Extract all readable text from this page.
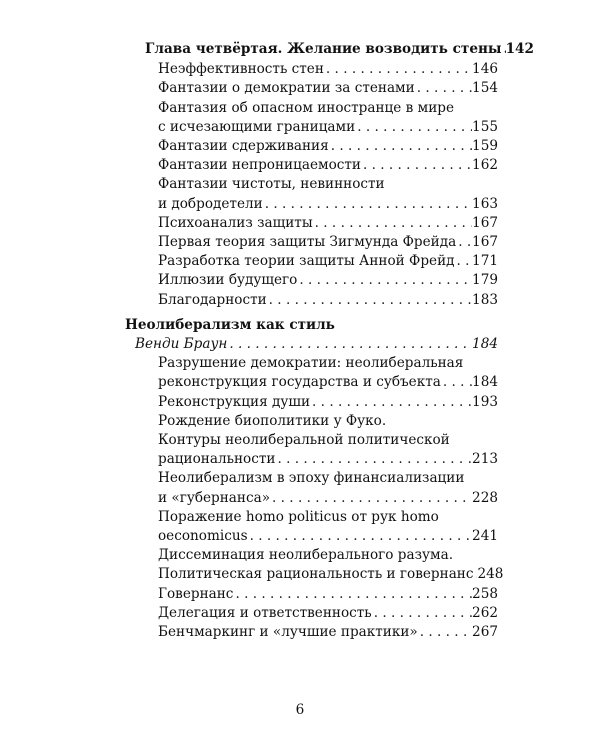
Глава четвёртая. Желание возводить стены ..... 142
Неэффективность стен . . .	146
Фантазии о демократии за стенами . . .	154
Фантазия об опасном иностранце в мире
с исчезающими границами . . .	155
Фантазии сдерживания . . .	159
Фантазии непроницаемости . . .	162
Фантазии чистоты, невинности
и добродетели . . .	163
Психоанализ защиты . . .	167
Первая теория защиты Зигмунда Фрейда . . . 167
Разработка теории защиты Анной Фрейд . . . 171
Иллюзии будущего . . .	179
Благодарности . . .	183
Неолиберализм как стиль
Венди Браун . . .	184
Разрушение демократии: неолиберальная
реконструкция государства и субъекта . . . 184
Реконструкция души . . .	193
Рождение биополитики у Фуко.
Контуры неолиберальной политической
рациональности . . .	213
Неолиберализм в эпоху финансиализации
и «губернанса» . . .	228
Поражение homo politicus от рук homo
oeconomicus . . .	241
Диссеминация неолиберального разума.
Политическая рациональность и говернанс . . . 248
Говернанс . . .	258
Делегация и ответственность . . .	262
Бенчмаркинг и «лучшие практики» . . .	267
6
